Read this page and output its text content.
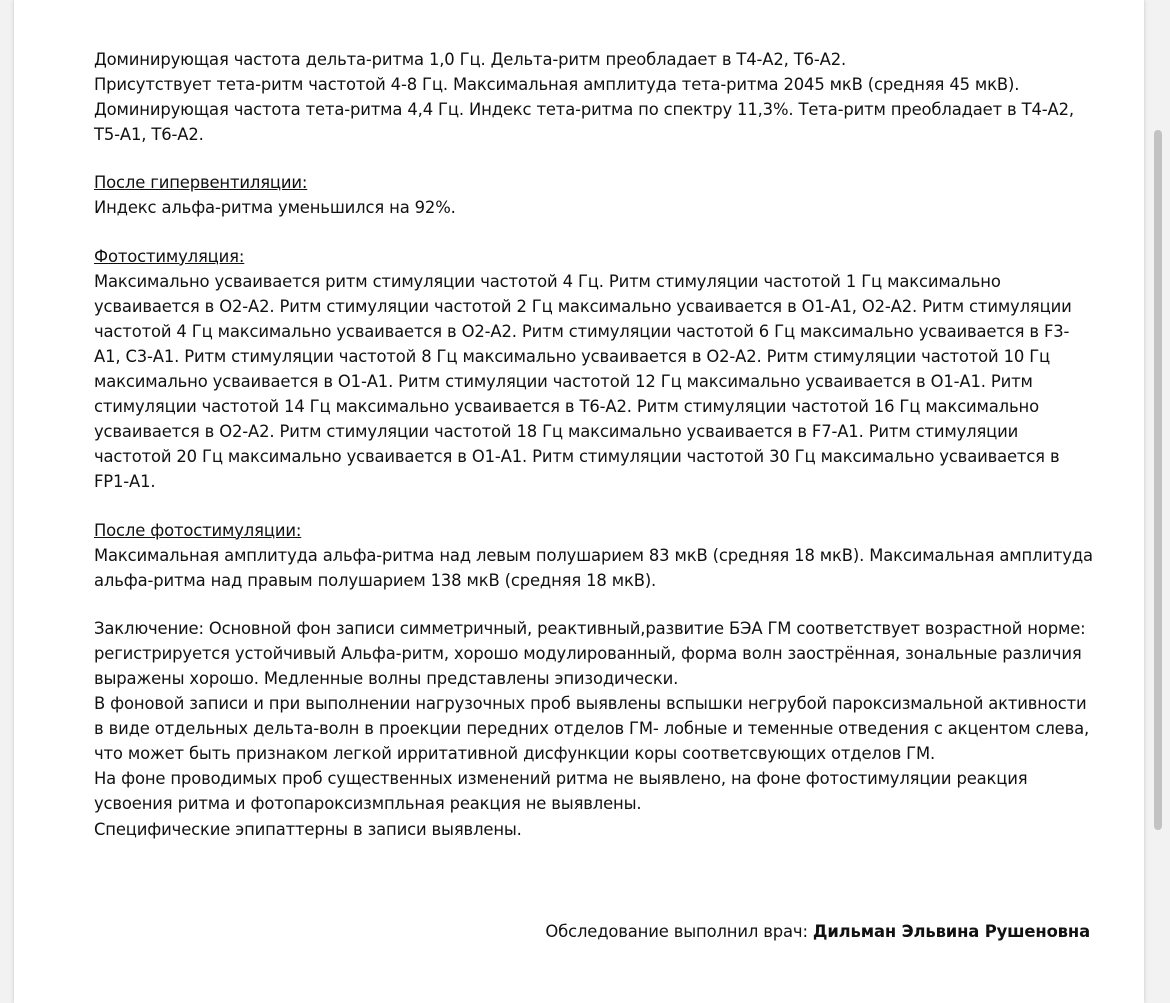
Доминирующая частота дельта-ритма 1,0 Гц. Дельта-ритм преобладает в Т4-А2, Т6-А2.

Присутствует тета-ритм частотой 4-8 Гц. Максимальная амплитуда тета-ритма 2045 мкВ (средняя 45 мкВ).

Доминирующая частота тета-ритма 4,4 Гц. Индекс тета-ритма по спектру 11,3%. Тета-ритм преобладает в Т4-А2, Т5-А1, Т6-А2.

После гипервентиляции:

Индекс альфа-ритма уменьшился на 92%.

Фотостимуляция:

Максимально усваивается ритм стимуляции частотой 4 Гц. Ритм стимуляции частотой 1 Гц максимально усваивается в О2-А2. Ритм стимуляции частотой 2 Гц максимально усваивается в О1-А1, О2-А2. Ритм стимуляции частотой 4 Гц максимально усваивается в О2-А2. Ритм стимуляции частотой 6 Гц максимально усваивается в F3-A1, С3-А1. Ритм стимуляции частотой 8 Гц максимально усваивается в О2-А2. Ритм стимуляции частотой 10 Гц максимально усваивается в О1-А1. Ритм стимуляции частотой 12 Гц максимально усваивается в О1-А1. Ритм стимуляции частотой 14 Гц максимально усваивается в Т6-А2. Ритм стимуляции частотой 16 Гц максимально усваивается в О2-А2. Ритм стимуляции частотой 18 Гц максимально усваивается в F7-А1. Ритм стимуляции частотой 20 Гц максимально усваивается в О1-А1. Ритм стимуляции частотой 30 Гц максимально усваивается в FP1-А1.

После фотостимуляции:

Максимальная амплитуда альфа-ритма над левым полушарием 83 мкВ (средняя 18 мкВ). Максимальная амплитуда альфа-ритма над правым полушарием 138 мкВ (средняя 18 мкВ).

Заключение: Основной фон записи симметричный, реактивный,развитие БЭА ГМ соответствует возрастной норме: регистрируется устойчивый Альфа-ритм, хорошо модулированный, форма волн заострённая, зональные различия выражены хорошо. Медленные волны представлены эпизодически.

В фоновой записи и при выполнении нагрузочных проб выявлены вспышки негрубой пароксизмальной активности в виде отдельных дельта-волн в проекции передних отделов ГМ- лобные и теменные отведения с акцентом слева, что может быть признаком легкой ирритативной дисфункции коры соответсвующих отделов ГМ.

На фоне проводимых проб существенных изменений ритма не выявлено, на фоне фотостимуляции реакция усвоения ритма и фотопароксизмпльная реакция не выявлены.

Специфические эпипаттерны в записи выявлены.

Обследование выполнил врач: Дильман Эльвина Рушеновна
